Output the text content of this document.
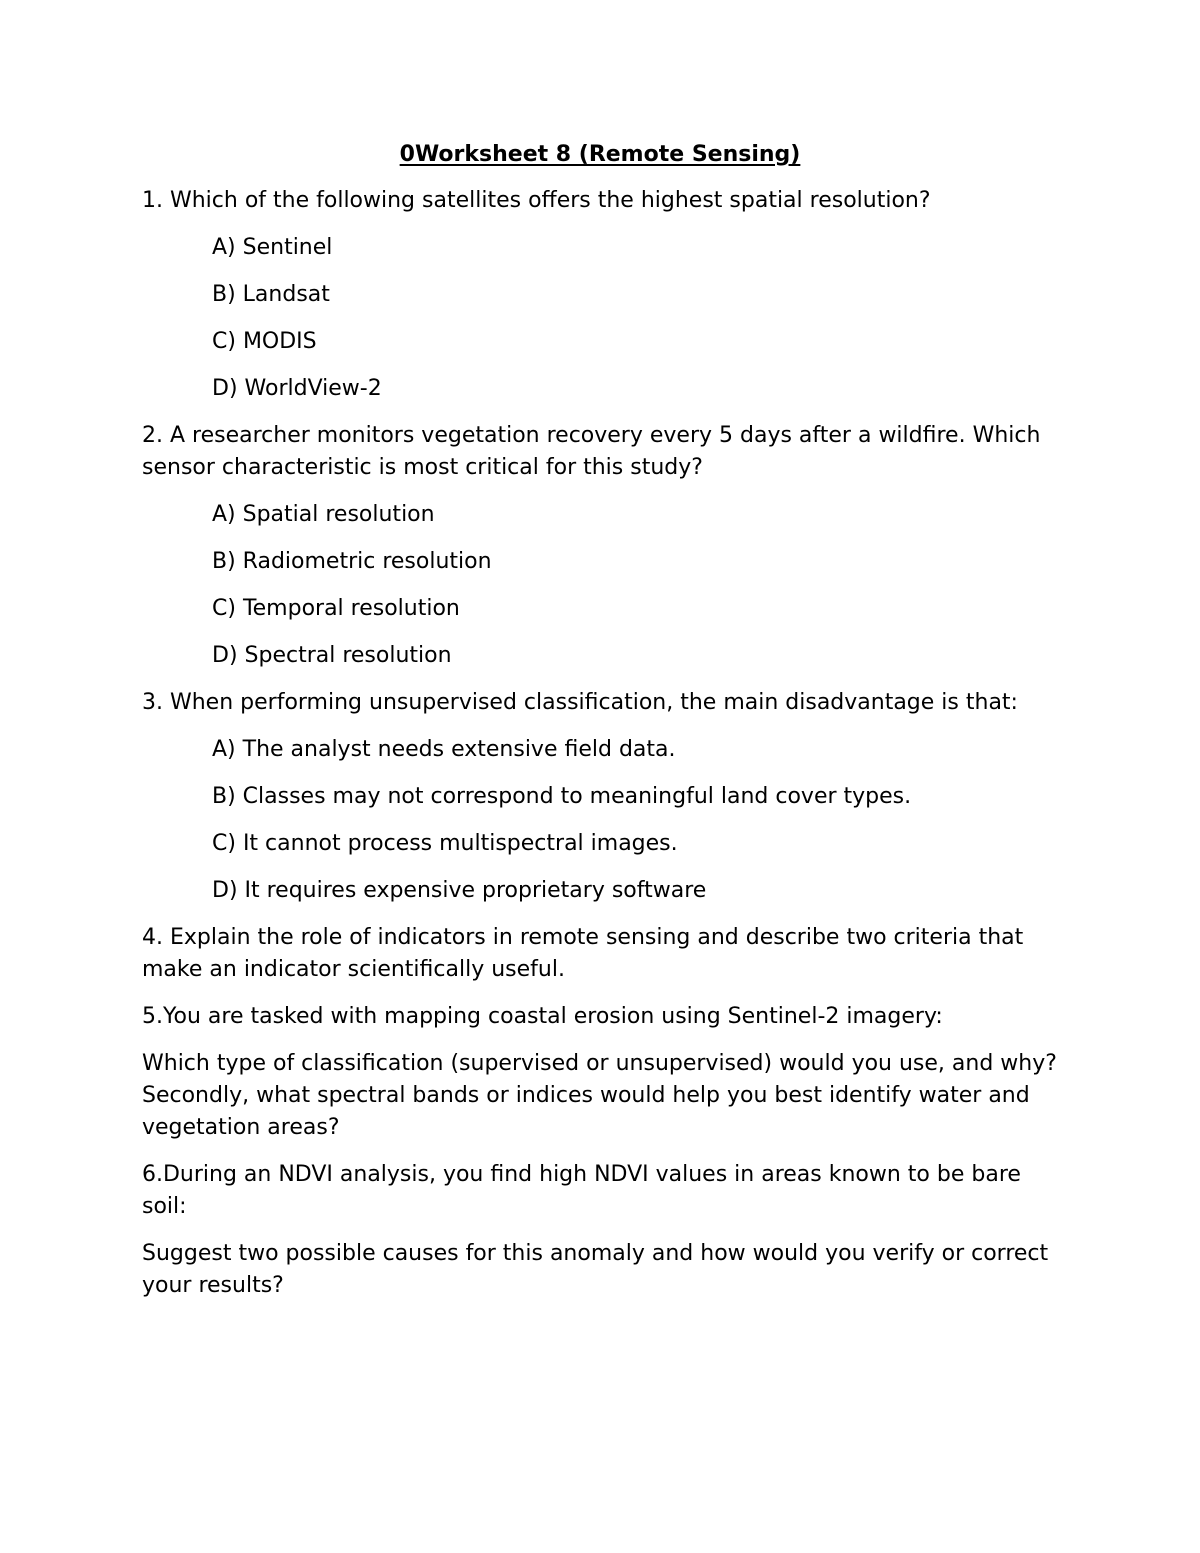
0Worksheet 8 (Remote Sensing)
1. Which of the following satellites offers the highest spatial resolution?
A) Sentinel
B) Landsat
C) MODIS
D) WorldView-2
2. A researcher monitors vegetation recovery every 5 days after a wildfire. Which sensor characteristic is most critical for this study?
A) Spatial resolution
B) Radiometric resolution
C) Temporal resolution
D) Spectral resolution
3. When performing unsupervised classification, the main disadvantage is that:
A) The analyst needs extensive field data.
B) Classes may not correspond to meaningful land cover types.
C) It cannot process multispectral images.
D) It requires expensive proprietary software
4. Explain the role of indicators in remote sensing and describe two criteria that make an indicator scientifically useful.
5.You are tasked with mapping coastal erosion using Sentinel-2 imagery:
Which type of classification (supervised or unsupervised) would you use, and why? Secondly, what spectral bands or indices would help you best identify water and vegetation areas?
6.During an NDVI analysis, you find high NDVI values in areas known to be bare soil:
Suggest two possible causes for this anomaly and how would you verify or correct your results?
